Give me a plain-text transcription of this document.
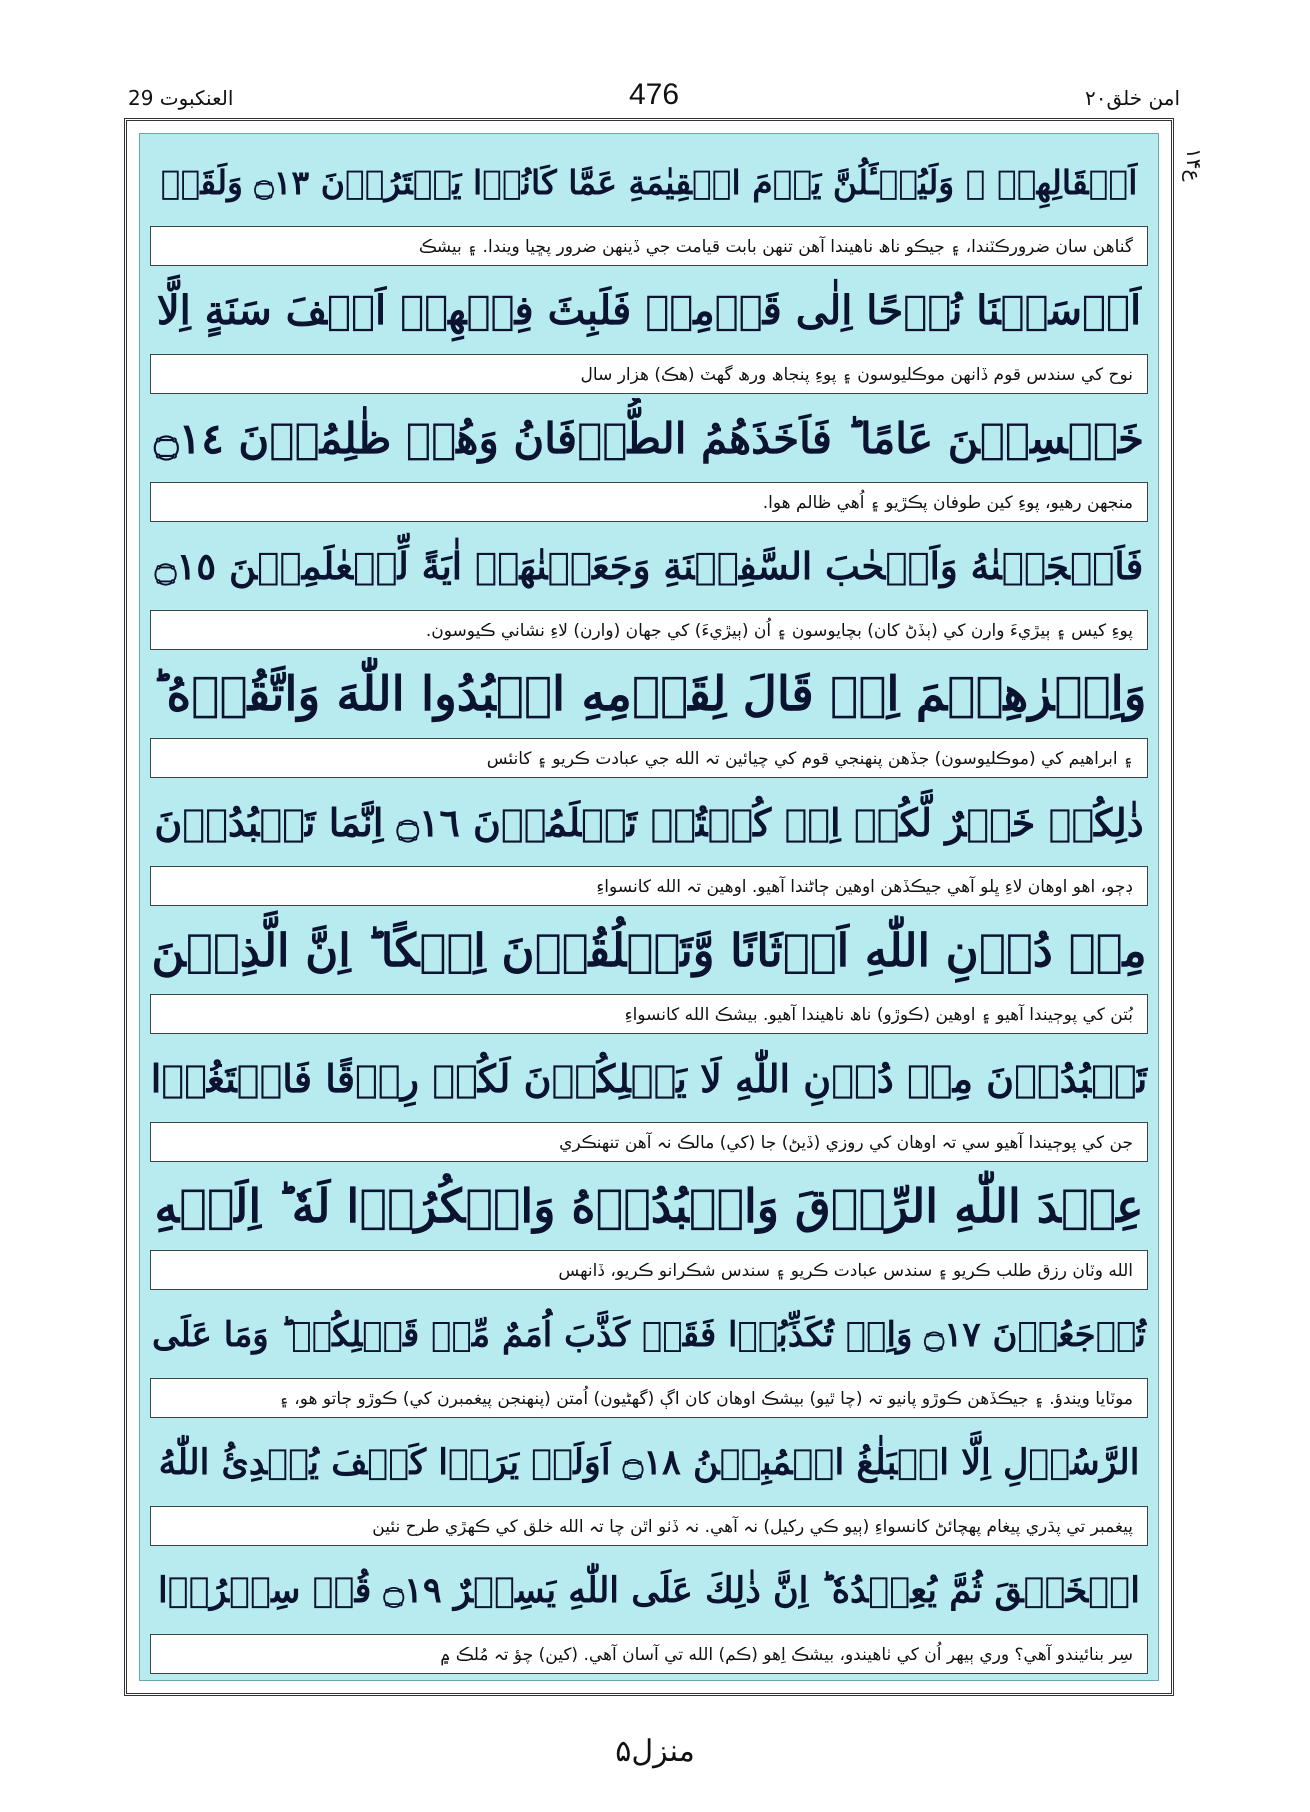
العنكبوت 29	476	امن خلق۲۰
ع۱۴
اَثۡقَالِهِمۡ ۫ وَلَيُسۡـَٔلُنَّ يَوۡمَ الۡقِيٰمَةِ عَمَّا كَانُوۡا يَفۡتَرُوۡنَ ۝١٣ وَلَقَدۡ
گناهن سان ضرورڪٽندا، ۽ جيڪو ناھ ناهيندا آهن تنهن بابت قيامت جي ڏينهن ضرور پڇيا ويندا. ۽ بيشڪ
اَرۡسَلۡنَا نُوۡحًا اِلٰى قَوۡمِهٖ فَلَبِثَ فِيۡهِمۡ اَلۡفَ سَنَةٍ اِلَّا
نوح کي سندس قوم ڏانهن موڪليوسون ۽ پوءِ پنجاھ ورھ گھٽ (هڪ) هزار سال
خَمۡسِيۡنَ عَامًا ؕ فَاَخَذَهُمُ الطُّوۡفَانُ وَهُمۡ ظٰلِمُوۡنَ ۝١٤
منجهن رهيو، پوءِ کين طوفان پڪڙيو ۽ اُهي ظالم هوا.
فَاَنۡجَيۡنٰهُ وَاَصۡحٰبَ السَّفِيۡنَةِ وَجَعَلۡنٰهَاۤ اٰيَةً لِّلۡعٰلَمِيۡنَ ۝١٥
پوءِ کيس ۽ ٻيڙيءَ وارن کي (ٻڏڻ کان) بچايوسون ۽ اُن (ٻيڙيءَ) کي جهان (وارن) لاءِ نشاني ڪيوسون.
وَاِبۡرٰهِيۡمَ اِذۡ قَالَ لِقَوۡمِهِ اعۡبُدُوا اللّٰهَ وَاتَّقُوۡهُ ؕ
۽ ابراهيم کي (موڪليوسون) جڏهن پنهنجي قوم کي چيائين تہ الله جي عبادت ڪريو ۽ کانئس
ذٰلِكُمۡ خَيۡرٌ لَّكُمۡ اِنۡ كُنۡتُمۡ تَعۡلَمُوۡنَ ۝١٦ اِنَّمَا تَعۡبُدُوۡنَ
ڊڄو، اهو اوهان لاءِ ڀلو آهي جيڪڏهن اوهين ڄاڻندا آهيو. اوهين تہ الله کانسواءِ
مِنۡ دُوۡنِ اللّٰهِ اَوۡثَانًا وَّتَخۡلُقُوۡنَ اِفۡكًا ؕ اِنَّ الَّذِيۡنَ
بُتن کي پوڄيندا آهيو ۽ اوهين (ڪوڙو) ناھ ناهيندا آهيو. بيشڪ الله کانسواءِ
تَعۡبُدُوۡنَ مِنۡ دُوۡنِ اللّٰهِ لَا يَمۡلِكُوۡنَ لَكُمۡ رِزۡقًا فَابۡتَغُوۡا
جن کي پوڄيندا آهيو سي تہ اوهان کي روزي (ڏيڻ) جا (کي) مالڪ نہ آهن تنهنڪري
عِنۡدَ اللّٰهِ الرِّزۡقَ وَاعۡبُدُوۡهُ وَاشۡكُرُوۡا لَهٗ ؕ اِلَيۡهِ
الله وٽان رزق طلب ڪريو ۽ سندس عبادت ڪريو ۽ سندس شڪرانو ڪريو، ڏانهس
تُرۡجَعُوۡنَ ۝١٧ وَاِنۡ تُكَذِّبُوۡا فَقَدۡ كَذَّبَ اُمَمٌ مِّنۡ قَبۡلِكُمۡ ؕ وَمَا عَلَى
موٽايا ويندؤ. ۽ جيڪڏهن ڪوڙو پانيو تہ (چا ٿيو) بيشڪ اوهان کان اڳ (گھڻيون) اُمتن (پنهنجن پيغمبرن کي) ڪوڙو ڄاتو هو، ۽
الرَّسُوۡلِ اِلَّا الۡبَلٰغُ الۡمُبِيۡنُ ۝١٨ اَوَلَمۡ يَرَوۡا كَيۡفَ يُبۡدِئُ اللّٰهُ
پيغمبر تي پڌري پيغام پهچائڻ کانسواءِ (ٻيو ڪي رکيل) نہ آهي. نہ ڏٺو اٿن چا تہ الله خلق کي ڪهڙي طرح نئين
الۡخَلۡقَ ثُمَّ يُعِيۡدُهٗ ؕ اِنَّ ذٰلِكَ عَلَى اللّٰهِ يَسِيۡرٌ ۝١٩ قُلۡ سِيۡرُوۡا
سِر بنائيندو آهي؟ وري ٻيهر اُن کي ٺاهيندو، بيشڪ اِهو (ڪم) الله تي آسان آهي. (کين) چؤ تہ مُلڪ ۾
منزل۵
